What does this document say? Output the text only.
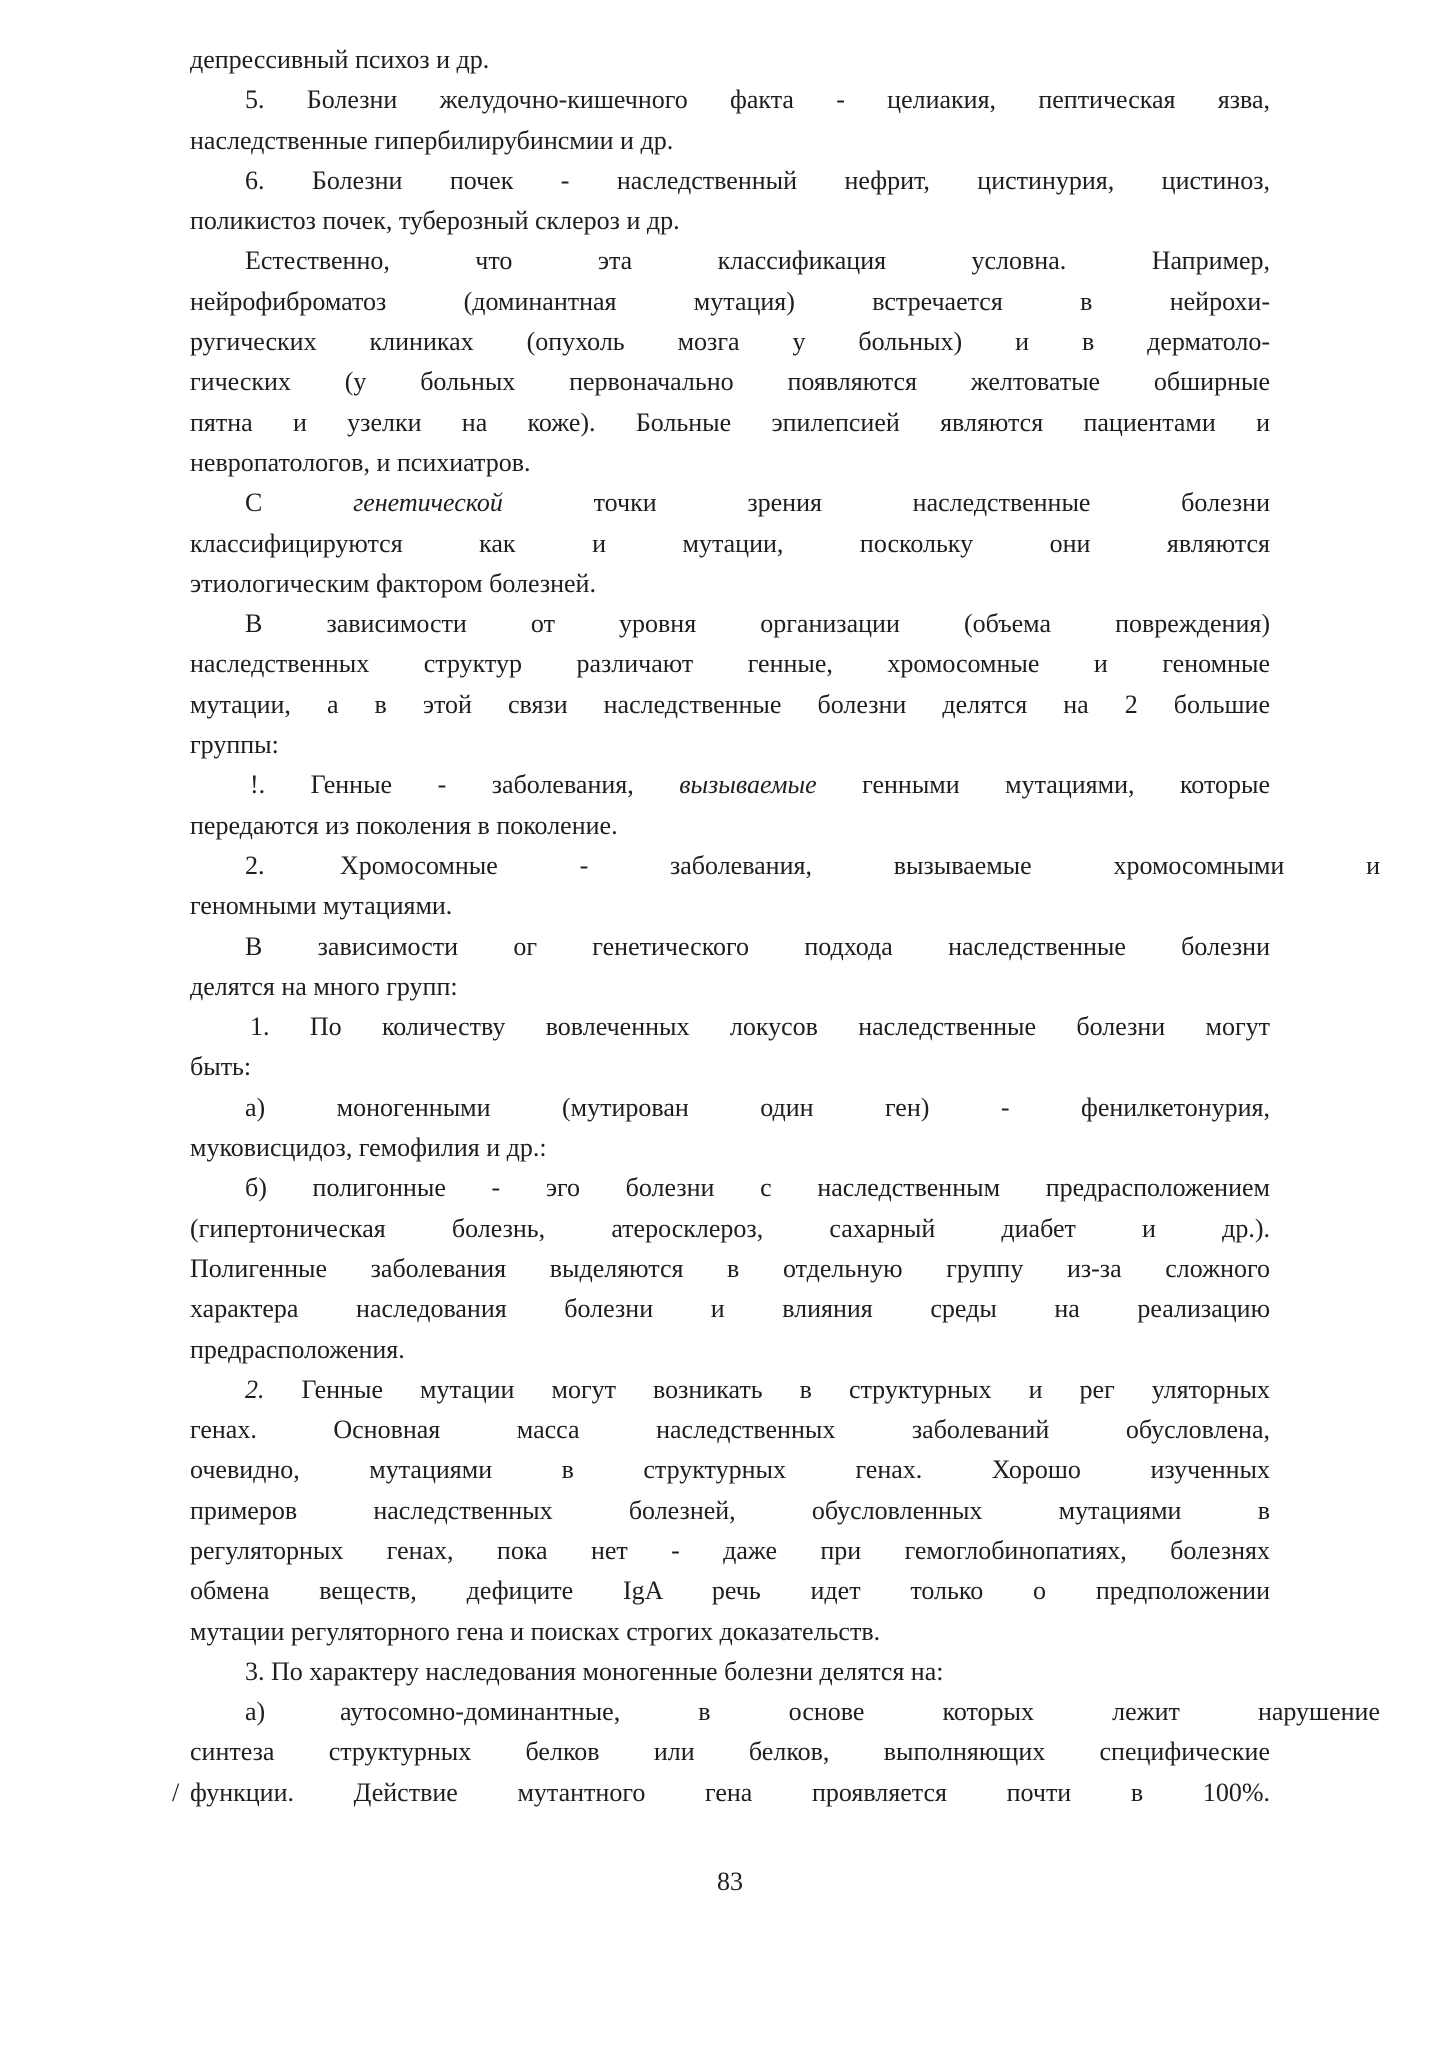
депрессивный психоз и др.
5. Болезни желудочно-кишечного факта - целиакия, пептическая язва,
наследственные гипербилирубинсмии и др.
6. Болезни почек - наследственный нефрит, цистинурия, цистиноз,
поликистоз почек, туберозный склероз и др.
Естественно, что эта классификация условна. Например,
нейрофиброматоз (доминантная мутация) встречается в нейрохи-
ругических клиниках (опухоль мозга у больных) и в дерматоло-
гических (у больных первоначально появляются желтоватые обширные
пятна и узелки на коже). Больные эпилепсией являются пациентами и
невропатологов, и психиатров.
С генетической точки зрения наследственные болезни
классифицируются как и мутации, поскольку они являются
этиологическим фактором болезней.
В зависимости от уровня организации (объема повреждения)
наследственных структур различают генные, хромосомные и геномные
мутации, а в этой связи наследственные болезни делятся на 2 большие
группы:
!. Генные - заболевания, вызываемые генными мутациями, которые
передаются из поколения в поколение.
2.	Хромосомные - заболевания, вызываемые хромосомными и
геномными мутациями.
В зависимости ог генетического подхода наследственные болезни
делятся на много групп:
1. По количеству вовлеченных локусов наследственные болезни могут
быть:
а) моногенными (мутирован один ген) - фенилкетонурия,
муковисцидоз, гемофилия и др.:
б) полигонные - эго болезни с наследственным предрасположением
(гипертоническая болезнь, атеросклероз, сахарный диабет и др.).
Полигенные заболевания выделяются в отдельную группу из-за сложного
характера наследования болезни и влияния среды на реализацию
предрасположения.
2. Генные мутации могут возникать в структурных и рег уляторных
генах. Основная масса наследственных заболеваний обусловлена,
очевидно, мутациями в структурных генах. Хорошо изученных
примеров наследственных болезней, обусловленных мутациями в
регуляторных генах, пока нет - даже при гемоглобинопатиях, болезнях
обмена веществ, дефиците IgA речь идет только о предположении
мутации регуляторного гена и поисках строгих доказательств.
3. По характеру наследования моногенные болезни делятся на:
а)	аутосомно-доминантные, в основе которых лежит нарушение
синтеза структурных белков или белков, выполняющих специфические
/ функции. Действие мутантного гена проявляется почти в 100%.
83
